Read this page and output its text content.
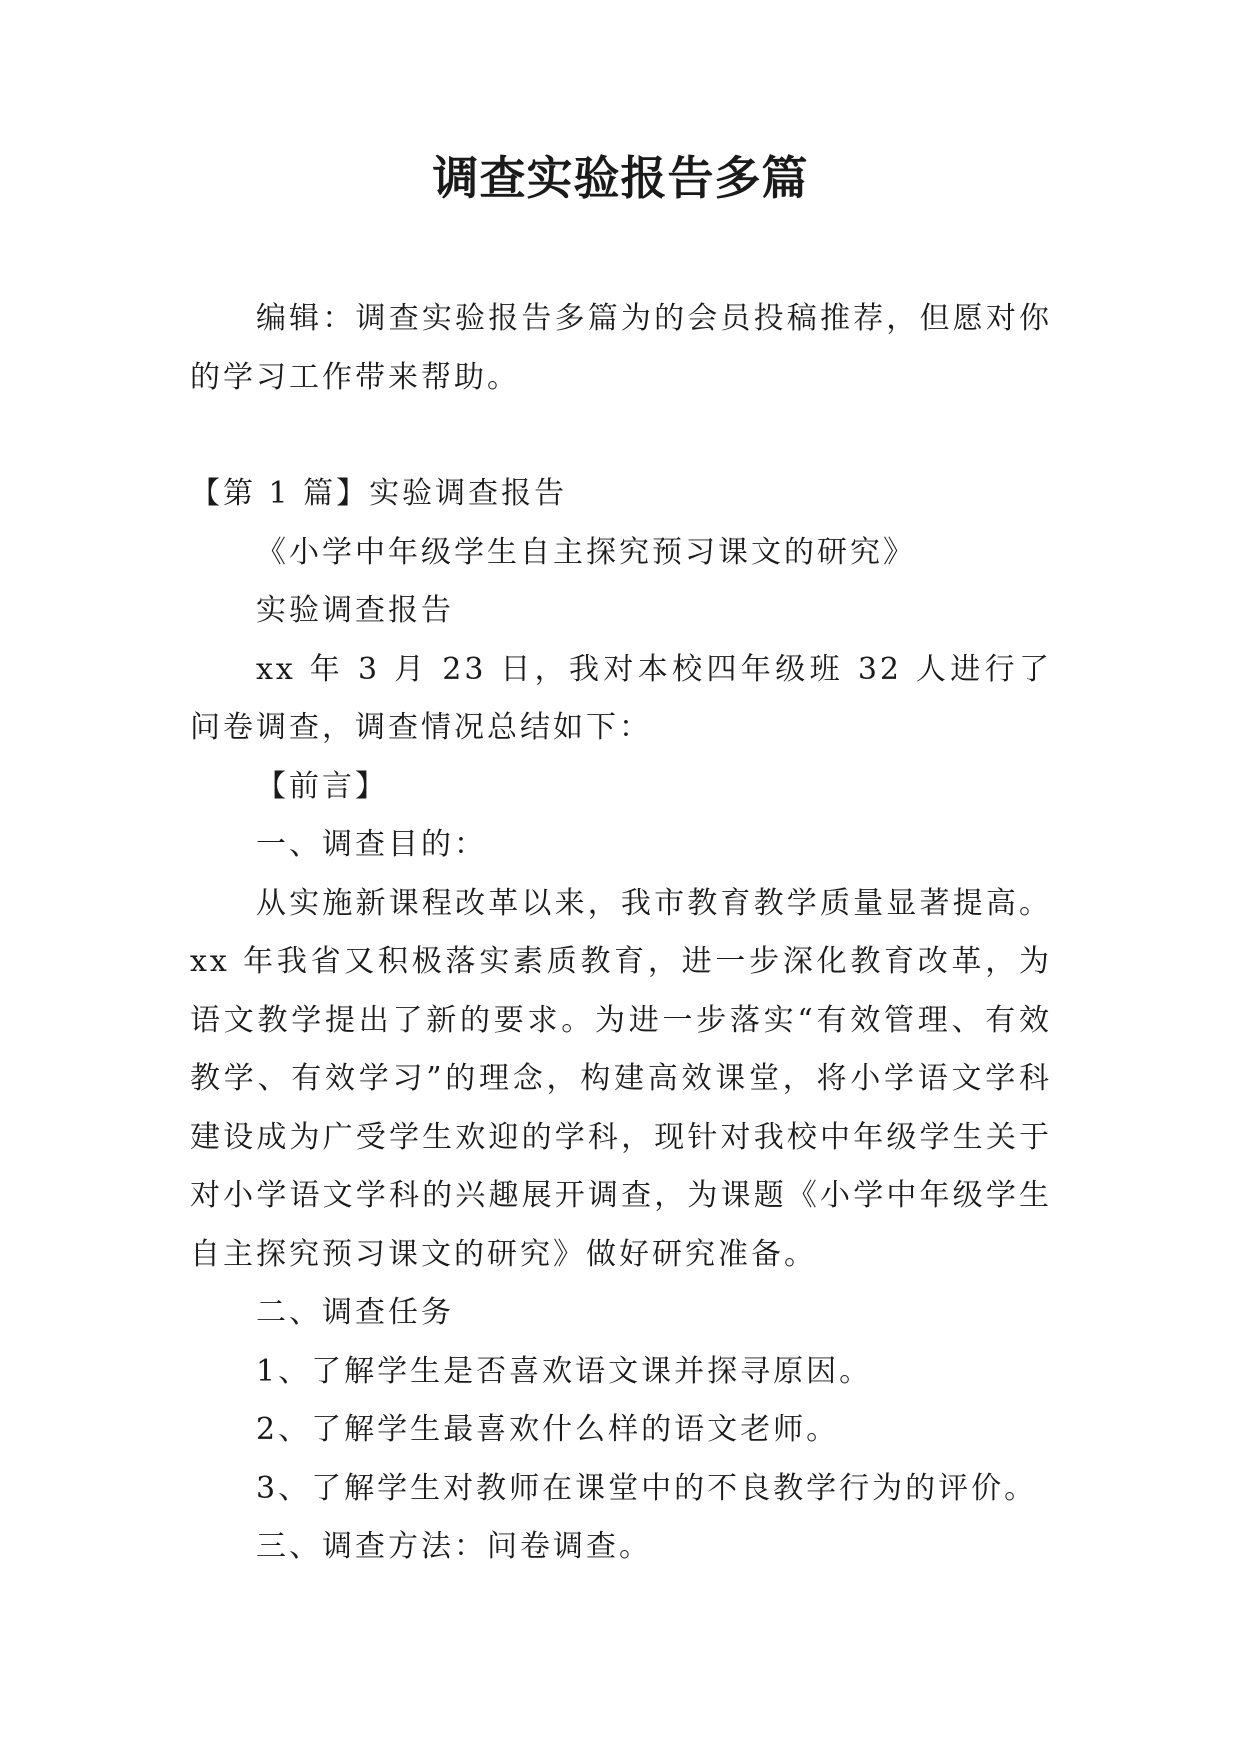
调查实验报告多篇

编辑：调查实验报告多篇为的会员投稿推荐，但愿对你的学习工作带来帮助。

【第 1 篇】实验调查报告

《小学中年级学生自主探究预习课文的研究》

实验调查报告

xx 年 3 月 23 日，我对本校四年级班 32 人进行了问卷调查，调查情况总结如下：

【前言】

一、调查目的：

从实施新课程改革以来，我市教育教学质量显著提高。xx 年我省又积极落实素质教育，进一步深化教育改革，为语文教学提出了新的要求。为进一步落实“有效管理、有效教学、有效学习”的理念，构建高效课堂，将小学语文学科建设成为广受学生欢迎的学科，现针对我校中年级学生关于对小学语文学科的兴趣展开调查，为课题《小学中年级学生自主探究预习课文的研究》做好研究准备。

二、调查任务

1、了解学生是否喜欢语文课并探寻原因。

2、了解学生最喜欢什么样的语文老师。

3、了解学生对教师在课堂中的不良教学行为的评价。

三、调查方法：问卷调查。
